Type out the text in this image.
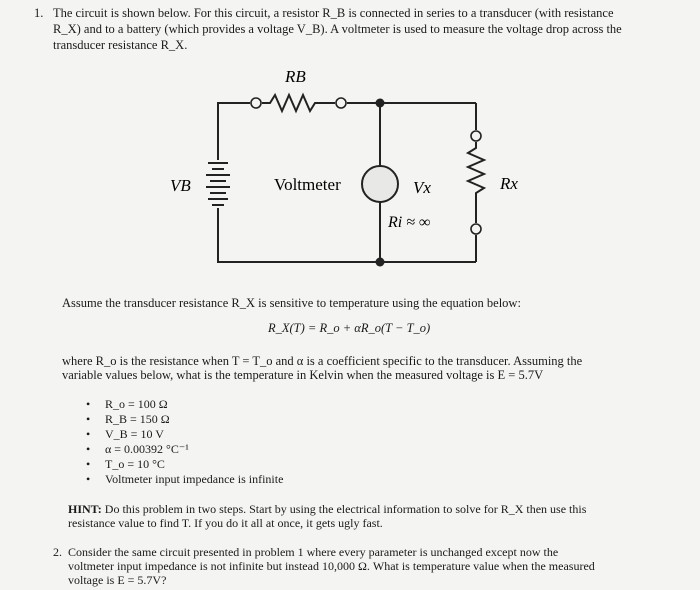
1. The circuit is shown below. For this circuit, a resistor R_B is connected in series to a transducer (with resistance
R_X) and to a battery (which provides a voltage V_B). A voltmeter is used to measure the voltage drop across the
transducer resistance R_X.
RB
VB	Voltmeter	Vx
Ri ≈ ∞
Rx
Assume the transducer resistance R_X is sensitive to temperature using the equation below:
R_X(T) = R_o + αR_o(T − T_o)
where R_o is the resistance when T = T_o and α is a coefficient specific to the transducer. Assuming the
variable values below, what is the temperature in Kelvin when the measured voltage is E = 5.7V
• R_o = 100 Ω
• R_B = 150 Ω
• V_B = 10 V
• α = 0.00392 °C⁻¹
• T_o = 10 °C
• Voltmeter input impedance is infinite
HINT: Do this problem in two steps. Start by using the electrical information to solve for R_X then use this
resistance value to find T. If you do it all at once, it gets ugly fast.
2. Consider the same circuit presented in problem 1 where every parameter is unchanged except now the
voltmeter input impedance is not infinite but instead 10,000 Ω. What is temperature value when the measured
voltage is E = 5.7V?
